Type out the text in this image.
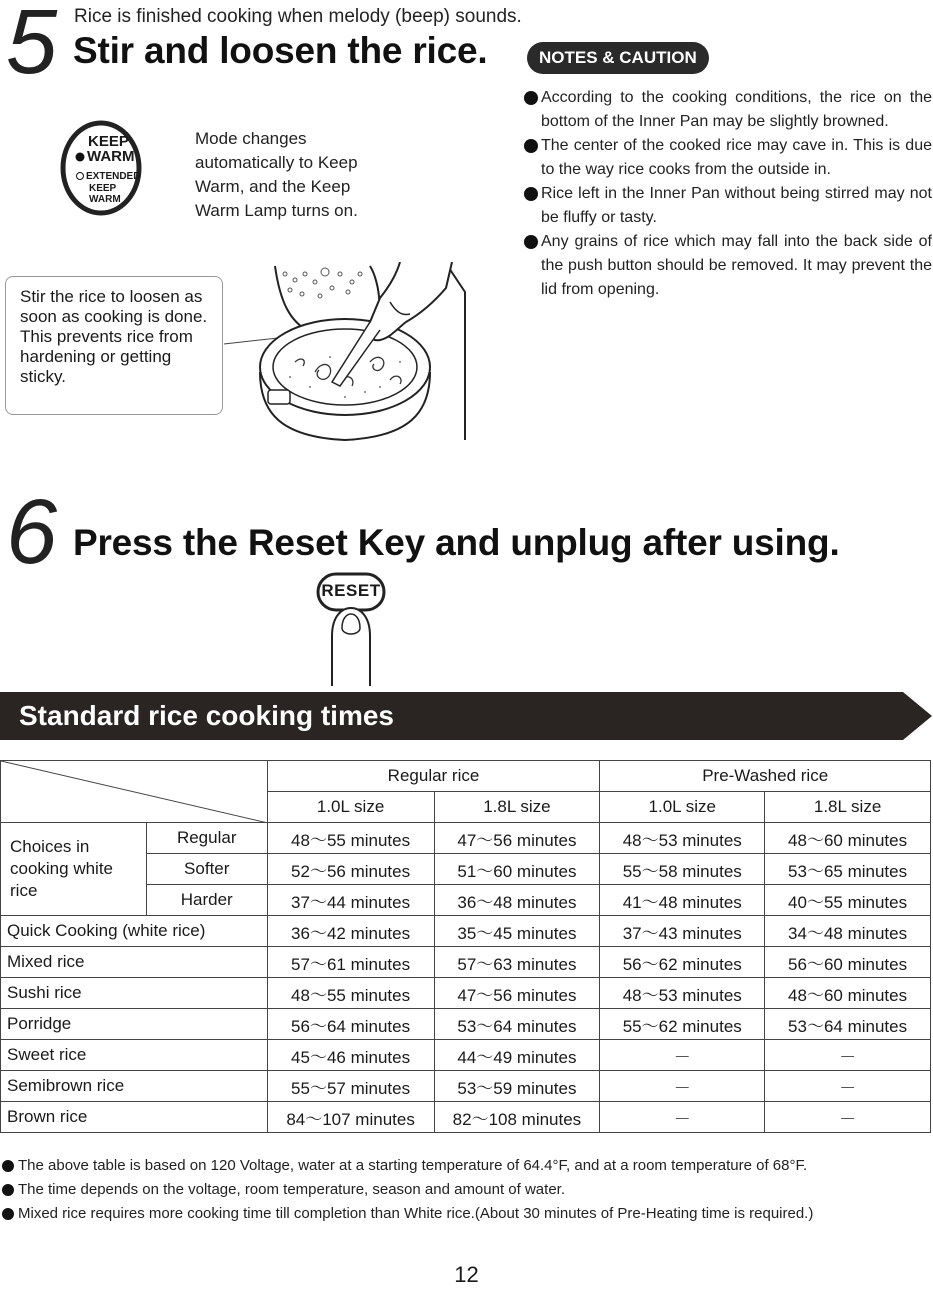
5 Rice is finished cooking when melody (beep) sounds.
Stir and loosen the rice.	NOTES & CAUTION
According to the cooking conditions, the rice on the bottom of the Inner Pan may be slightly browned.
The center of the cooked rice may cave in. This is due to the way rice cooks from the outside in.
Rice left in the Inner Pan without being stirred may not be fluffy or tasty.
Any grains of rice which may fall into the back side of the push button should be removed. It may prevent the lid from opening.
KEEP
WARM
EXTENDED
KEEP WARM
Mode changes automatically to Keep Warm, and the Keep Warm Lamp turns on.
Stir the rice to loosen as soon as cooking is done. This prevents rice from hardening or getting sticky.
6 Press the Reset Key and unplug after using.
RESET
Standard rice cooking times
	Regular rice		Pre-Washed rice	
		1.0L size	1.8L size	1.0L size	1.8L size
Choices in cooking white rice	Regular	48～55 minutes	47～56 minutes	48～53 minutes	48～60 minutes
	Softer	52～56 minutes	51～60 minutes	55～58 minutes	53～65 minutes
	Harder	37～44 minutes	36～48 minutes	41～48 minutes	40～55 minutes
Quick Cooking (white rice)		36～42 minutes	35～45 minutes	37～43 minutes	34～48 minutes
Mixed rice		57～61 minutes	57～63 minutes	56～62 minutes	56～60 minutes
Sushi rice		48～55 minutes	47～56 minutes	48～53 minutes	48～60 minutes
Porridge		56～64 minutes	53～64 minutes	55～62 minutes	53～64 minutes
Sweet rice		45～46 minutes	44～49 minutes	－	－
Semibrown rice		55～57 minutes	53～59 minutes	－	－
Brown rice		84～107 minutes	82～108 minutes	－	－
The above table is based on 120 Voltage, water at a starting temperature of 64.4°F, and at a room temperature of 68°F.
The time depends on the voltage, room temperature, season and amount of water.
Mixed rice requires more cooking time till completion than White rice.(About 30 minutes of Pre-Heating time is required.)
12
